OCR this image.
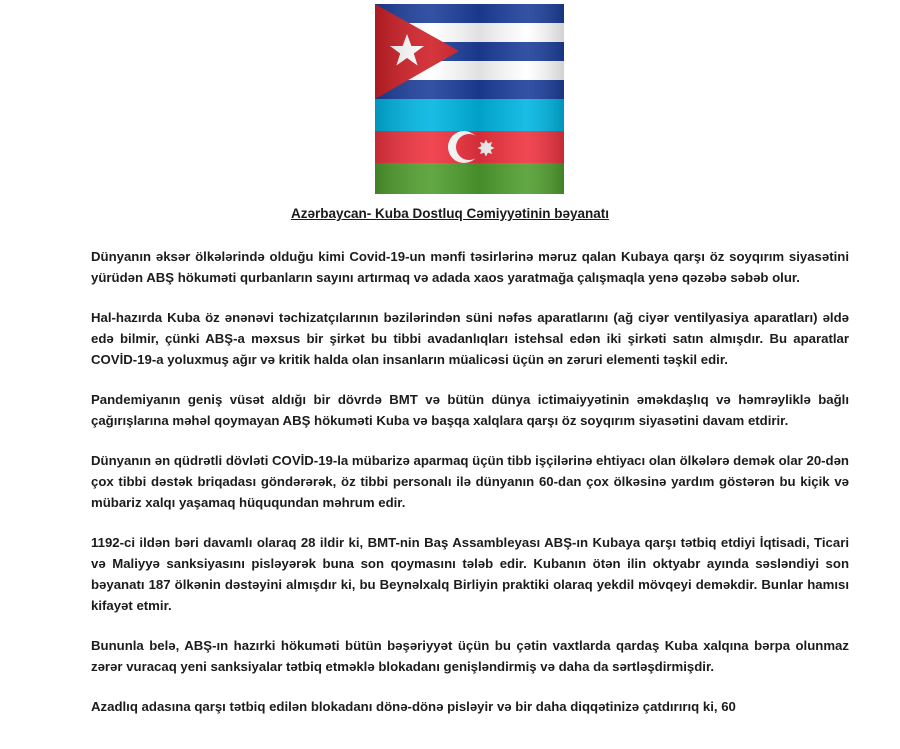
Azərbaycan- Kuba Dostluq Cəmiyyətinin bəyanatı

Dünyanın əksər ölkələrində olduğu kimi Covid-19-un mənfi təsirlərinə məruz qalan Kubaya qarşı öz soyqırım siyasətini yürüdən ABŞ hökuməti qurbanların sayını artırmaq və adada xaos yaratmağa çalışmaqla yenə qəzəbə səbəb olur.

Hal-hazırda Kuba öz ənənəvi təchizatçılarının bəzilərindən süni nəfəs aparatlarını (ağ ciyər ventilyasiya aparatları) əldə edə bilmir, çünki ABŞ-a məxsus bir şirkət bu tibbi avadanlıqları istehsal edən iki şirkəti satın almışdır. Bu aparatlar COVİD-19-a yoluxmuş ağır və kritik halda olan insanların müalicəsi üçün ən zəruri elementi təşkil edir.

Pandemiyanın geniş vüsət aldığı bir dövrdə BMT və bütün dünya ictimaiyyətinin əməkdaşlıq və həmrəyliklə bağlı çağırışlarına məhəl qoymayan ABŞ hökuməti Kuba və başqa xalqlara qarşı öz soyqırım siyasətini davam etdirir.

Dünyanın ən qüdrətli dövləti COVİD-19-la mübarizə aparmaq üçün tibb işçilərinə ehtiyacı olan ölkələrə demək olar 20-dən çox tibbi dəstək briqadası göndərərək, öz tibbi personalı ilə dünyanın 60-dan çox ölkəsinə yardım göstərən bu kiçik və mübariz xalqı yaşamaq hüququndan məhrum edir.

1192-ci ildən bəri davamlı olaraq 28 ildir ki, BMT-nin Baş Assambleyası ABŞ-ın Kubaya qarşı tətbiq etdiyi İqtisadi, Ticari və Maliyyə sanksiyasını pisləyərək buna son qoymasını tələb edir. Kubanın ötən ilin oktyabr ayında səsləndiyi son bəyanatı 187 ölkənin dəstəyini almışdır ki, bu Beynəlxalq Birliyin praktiki olaraq yekdil mövqeyi deməkdir. Bunlar hamısı kifayət etmir.

Bununla belə, ABŞ-ın hazırki hökuməti bütün bəşəriyyət üçün bu çətin vaxtlarda qardaş Kuba xalqına bərpa olunmaz zərər vuracaq yeni sanksiyalar tətbiq etməklə blokadanı genişləndirmiş və daha da sərtləşdirmişdir.

Azadlıq adasına qarşı tətbiq edilən blokadanı dönə-dönə pisləyir və bir daha diqqətinizə çatdırırıq ki, 60
